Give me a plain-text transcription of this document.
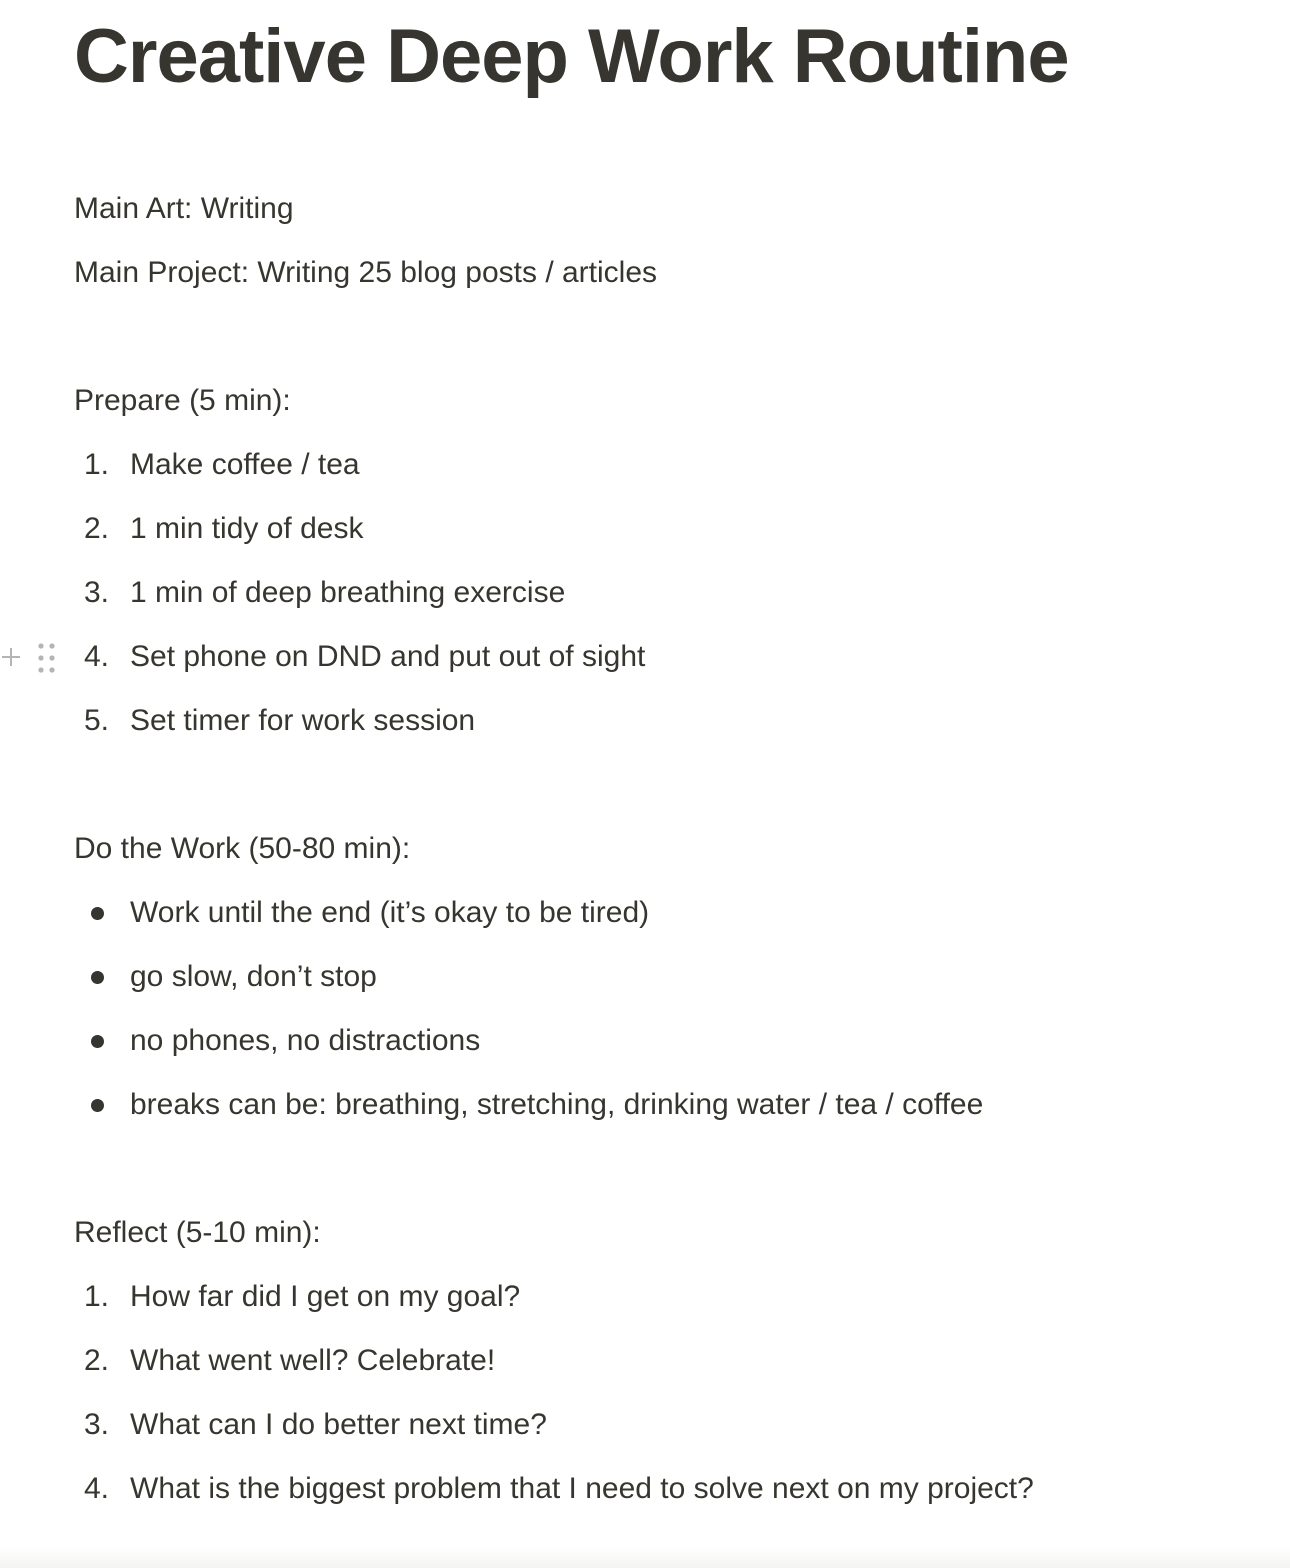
Creative Deep Work Routine
Main Art: Writing
Main Project: Writing 25 blog posts / articles
Prepare (5 min):
1. Make coffee / tea
2. 1 min tidy of desk
3. 1 min of deep breathing exercise
4. Set phone on DND and put out of sight
5. Set timer for work session
Do the Work (50-80 min):
Work until the end (it’s okay to be tired)
go slow, don’t stop
no phones, no distractions
breaks can be: breathing, stretching, drinking water / tea / coffee
Reflect (5-10 min):
1. How far did I get on my goal?
2. What went well? Celebrate!
3. What can I do better next time?
4. What is the biggest problem that I need to solve next on my project?
